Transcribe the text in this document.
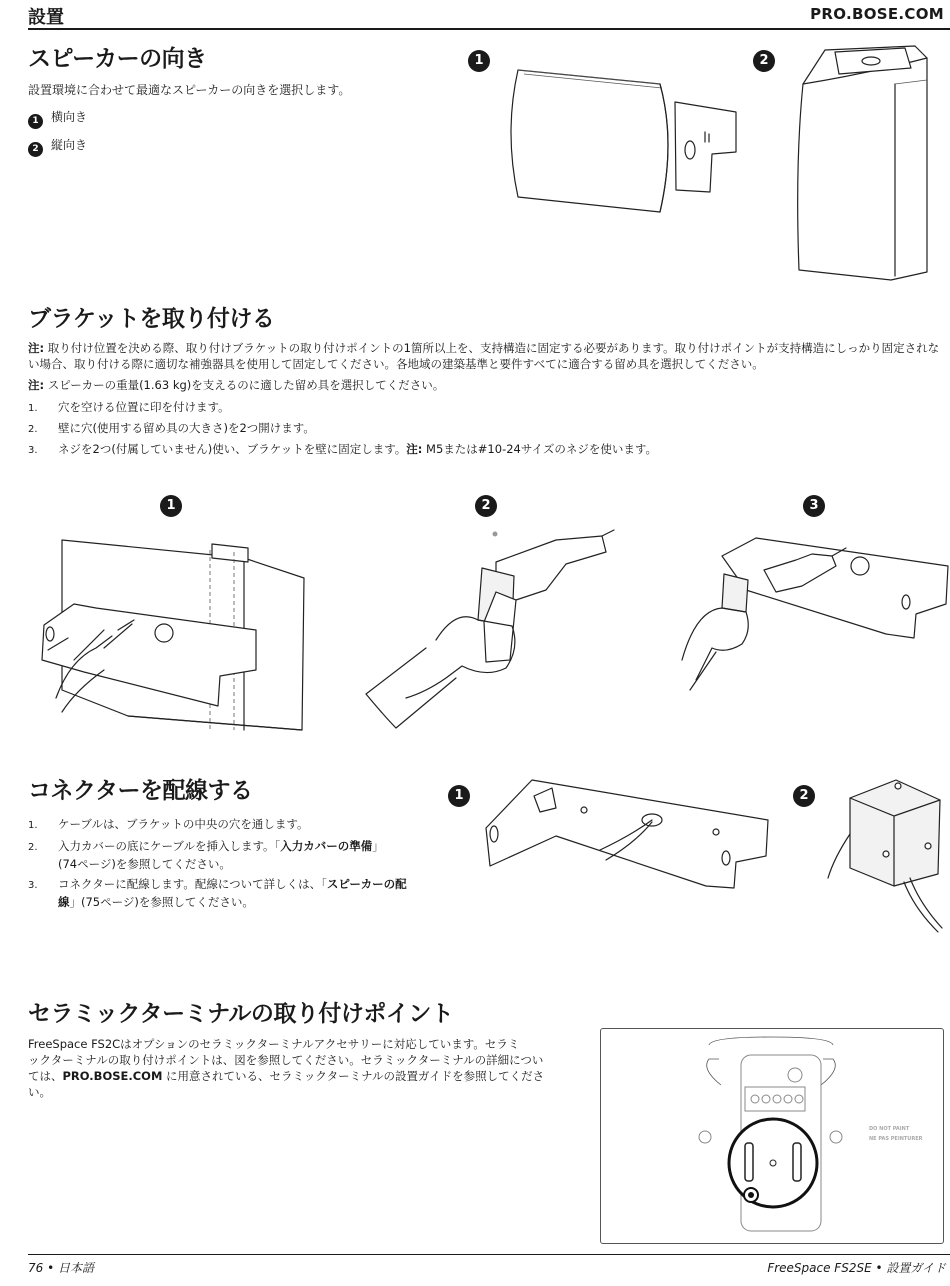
設置	PRO.BOSE.COM
スピーカーの向き
設置環境に合わせて最適なスピーカーの向きを選択します。
1 横向き
2 縦向き
1	2
ブラケットを取り付ける
注: 取り付け位置を決める際、取り付けブラケットの取り付けポイントの1箇所以上を、支持構造に固定する必要があります。取り付けポイントが支持構造にしっかり固定されない場合、取り付ける際に適切な補強器具を使用して固定してください。各地域の建築基準と要件すべてに適合する留め具を選択してください。
注: スピーカーの重量(1.63 kg)を支えるのに適した留め具を選択してください。
1. 穴を空ける位置に印を付けます。
2. 壁に穴(使用する留め具の大きさ)を2つ開けます。
3. ネジを2つ(付属していません)使い、ブラケットを壁に固定します。注: M5または#10-24サイズのネジを使います。
1	2	3
コネクターを配線する
1. ケーブルは、ブラケットの中央の穴を通します。
2. 入力カバーの底にケーブルを挿入します。「入力カバーの準備」
(74ページ)を参照してください。
3. コネクターに配線します。配線について詳しくは、「スピーカーの配
線」(75ページ)を参照してください。
1	2
セラミックターミナルの取り付けポイント
FreeSpace FS2Cはオプションのセラミックターミナルアクセサリーに対応しています。セラミ
ックターミナルの取り付けポイントは、図を参照してください。セラミックターミナルの詳細につい
ては、PRO.BOSE.COM に用意されている、セラミックターミナルの設置ガイドを参照してくださ
い。
DO NOT PAINT
NE PAS PEINTURER
76 • 日本語	FreeSpace FS2SE • 設置ガイド
